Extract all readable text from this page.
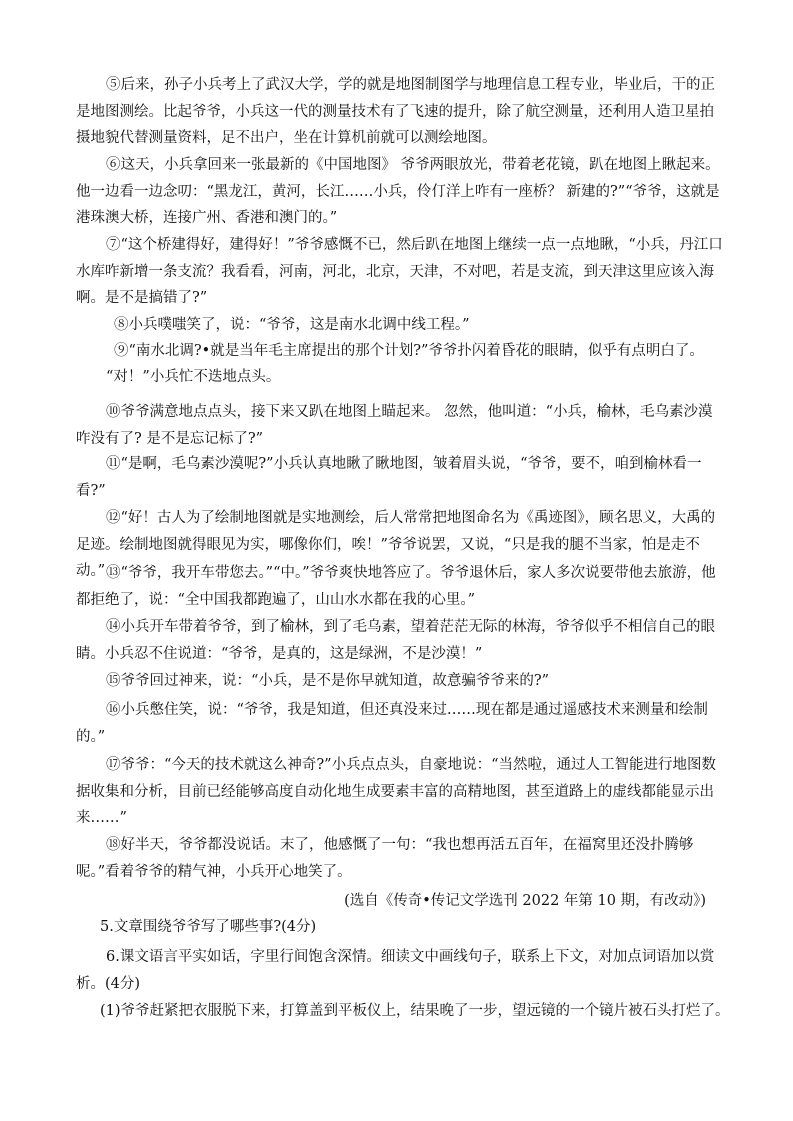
⑤后来，孙子小兵考上了武汉大学，学的就是地图制图学与地理信息工程专业，毕业后，干的正是地图测绘。比起爷爷，小兵这一代的测量技术有了飞速的提升，除了航空测量，还利用人造卫星拍摄地貌代替测量资料，足不出户，坐在计算机前就可以测绘地图。

⑥这天，小兵拿回来一张最新的《中国地图》 爷爷两眼放光，带着老花镜，趴在地图上瞅起来。他一边看一边念叨：“黑龙江，黄河，长江……小兵，伶仃洋上咋有一座桥？ 新建的?”“爷爷，这就是港珠澳大桥，连接广州、香港和澳门的。”

⑦“这个桥建得好，建得好！”爷爷感慨不已，然后趴在地图上继续一点一点地瞅，“小兵，丹江口水库咋新增一条支流？我看看，河南，河北，北京，天津，不对吧，若是支流，到天津这里应该入海啊。是不是搞错了?”

⑧小兵噗嗤笑了，说：“爷爷，这是南水北调中线工程。”

⑨“南水北调?•就是当年毛主席提出的那个计划?”爷爷扑闪着昏花的眼睛，似乎有点明白了。

“对！”小兵忙不迭地点头。

⑩爷爷满意地点点头，接下来又趴在地图上瞄起来。 忽然，他叫道：“小兵，榆林，毛乌素沙漠咋没有了? 是不是忘记标了?”

⑪“是啊，毛乌素沙漠呢?”小兵认真地瞅了瞅地图，皱着眉头说，“爷爷，要不，咱到榆林看一看?”

⑫“好！古人为了绘制地图就是实地测绘，后人常常把地图命名为《禹迹图》，顾名思义，大禹的足迹。绘制地图就得眼见为实，哪像你们，唉！”爷爷说罢，又说，“只是我的腿不当家，怕是走不动。” ⑬“爷爷，我开车带您去。”“中。”爷爷爽快地答应了。爷爷退休后，家人多次说要带他去旅游，他都拒绝了，说：“全中国我都跑遍了，山山水水都在我的心里。”

⑭小兵开车带着爷爷，到了榆林，到了毛乌素，望着茫茫无际的林海，爷爷似乎不相信自己的眼睛。小兵忍不住说道：“爷爷，是真的，这是绿洲，不是沙漠！”

⑮爷爷回过神来，说：“小兵，是不是你早就知道，故意骗爷爷来的?”

⑯小兵憋住笑，说：“爷爷，我是知道，但还真没来过……现在都是通过遥感技术来测量和绘制的。”

⑰爷爷：“今天的技术就这么神奇?”小兵点点头，自豪地说：“当然啦，通过人工智能进行地图数据收集和分析，目前已经能够高度自动化地生成要素丰富的高精地图，甚至道路上的虚线都能显示出来……”

⑱好半天，爷爷都没说话。末了，他感慨了一句：“我也想再活五百年，在福窝里还没扑腾够呢。”看着爷爷的精气神，小兵开心地笑了。

(选自《传奇•传记文学选刊 2022 年第 10 期，有改动》)

5.文章围绕爷爷写了哪些事?(4分)

6.课文语言平实如话，字里行间饱含深情。细读文中画线句子，联系上下文，对加点词语加以赏析。(4分)

(1)爷爷赶紧把衣服脱下来，打算盖到平板仪上，结果晚了一步，望远镜的一个镜片被石头打烂了。
